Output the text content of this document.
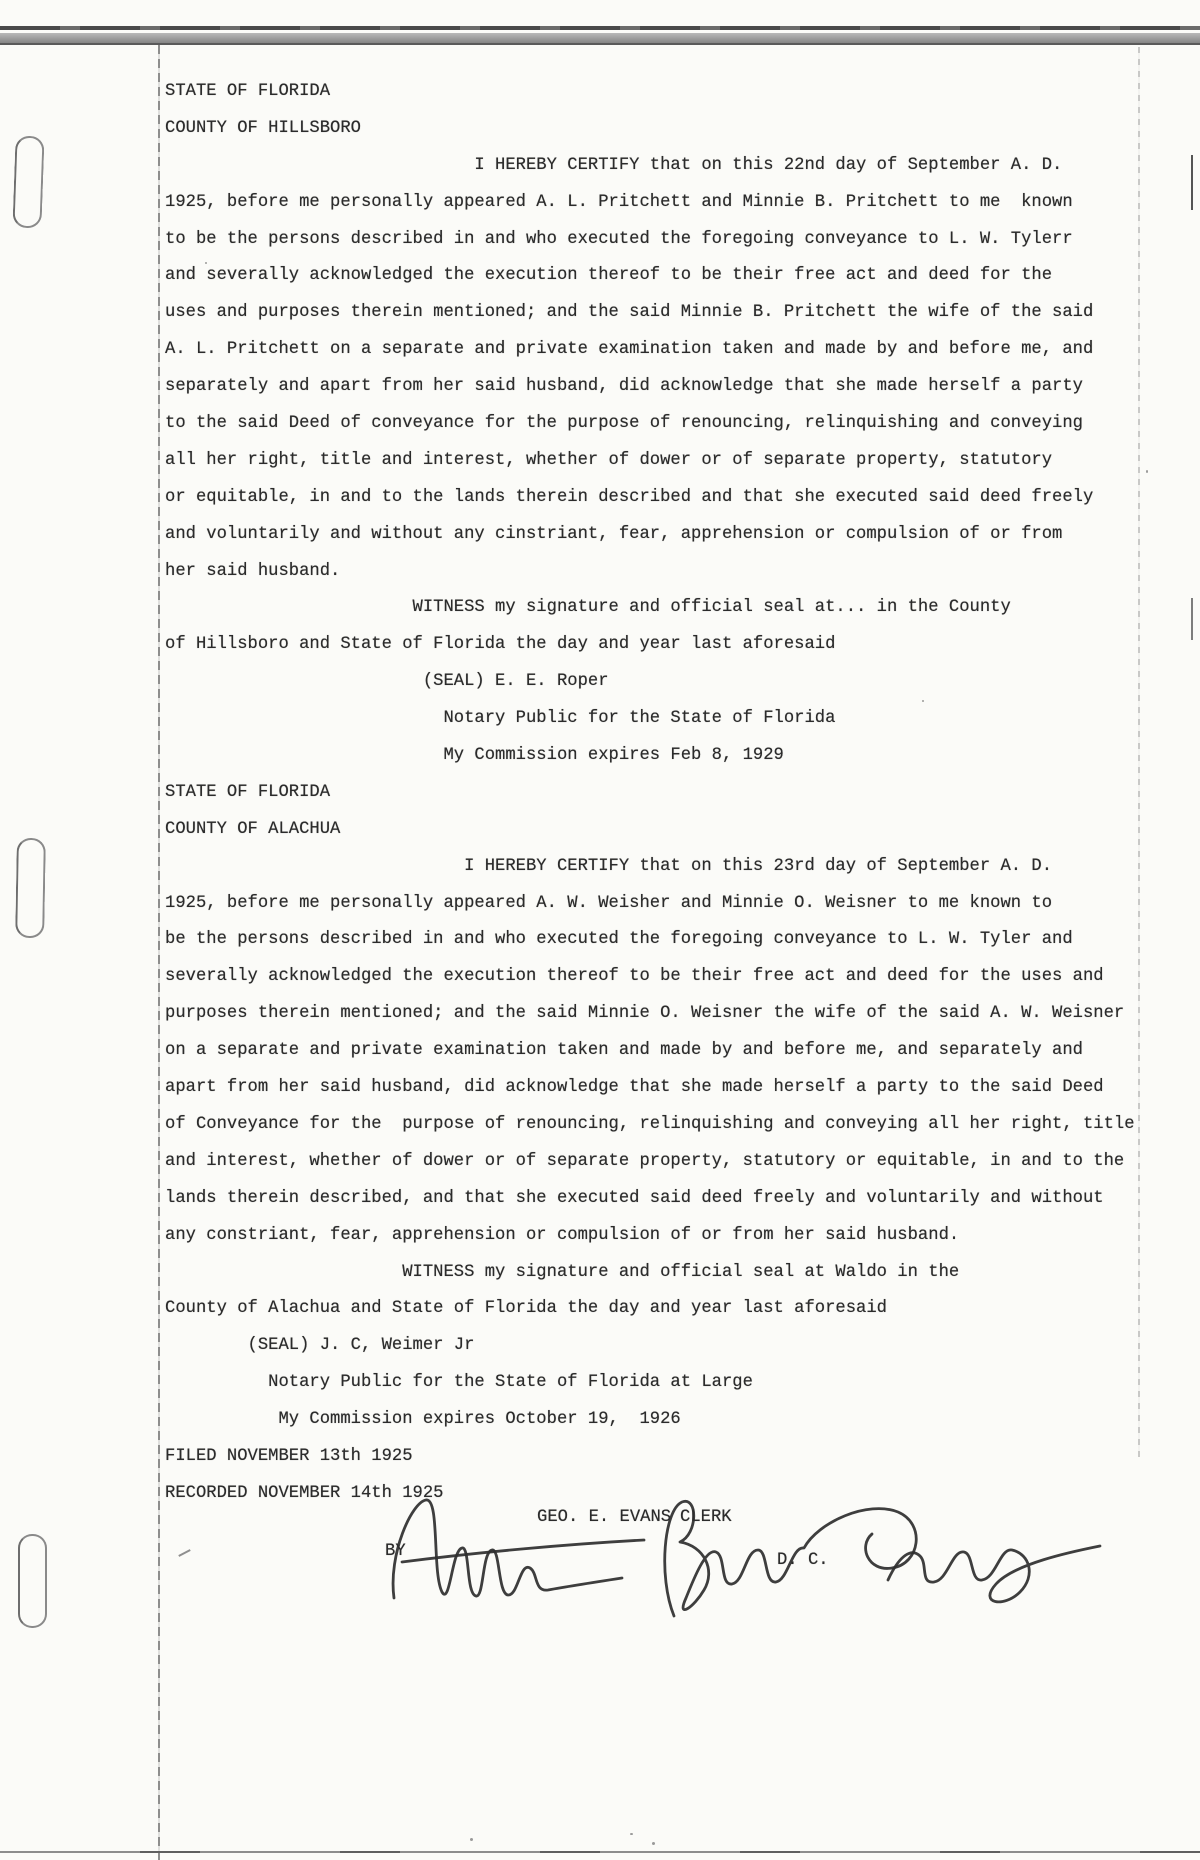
STATE OF FLORIDA
COUNTY OF HILLSBORO
I HEREBY CERTIFY that on this 22nd day of September A. D.
1925, before me personally appeared A. L. Pritchett and Minnie B. Pritchett to me  known
to be the persons described in and who executed the foregoing conveyance to L. W. Tylerr
and severally acknowledged the execution thereof to be their free act and deed for the
uses and purposes therein mentioned; and the said Minnie B. Pritchett the wife of the said
A. L. Pritchett on a separate and private examination taken and made by and before me, and
separately and apart from her said husband, did acknowledge that she made herself a party
to the said Deed of conveyance for the purpose of renouncing, relinquishing and conveying
all her right, title and interest, whether of dower or of separate property, statutory
or equitable, in and to the lands therein described and that she executed said deed freely
and voluntarily and without any cinstriant, fear, apprehension or compulsion of or from
her said husband.
WITNESS my signature and official seal at... in the County
of Hillsboro and State of Florida the day and year last aforesaid
(SEAL) E. E. Roper
Notary Public for the State of Florida
My Commission expires Feb 8, 1929
STATE OF FLORIDA
COUNTY OF ALACHUA
I HEREBY CERTIFY that on this 23rd day of September A. D.
1925, before me personally appeared A. W. Weisher and Minnie O. Weisner to me known to
be the persons described in and who executed the foregoing conveyance to L. W. Tyler and
severally acknowledged the execution thereof to be their free act and deed for the uses and
purposes therein mentioned; and the said Minnie O. Weisner the wife of the said A. W. Weisner
on a separate and private examination taken and made by and before me, and separately and
apart from her said husband, did acknowledge that she made herself a party to the said Deed
of Conveyance for the  purpose of renouncing, relinquishing and conveying all her right, title
and interest, whether of dower or of separate property, statutory or equitable, in and to the
lands therein described, and that she executed said deed freely and voluntarily and without
any constriant, fear, apprehension or compulsion of or from her said husband.
WITNESS my signature and official seal at Waldo in the
County of Alachua and State of Florida the day and year last aforesaid
(SEAL) J. C, Weimer Jr
Notary Public for the State of Florida at Large
My Commission expires October 19,  1926
FILED NOVEMBER 13th 1925
RECORDED NOVEMBER 14th 1925
BY
GEO. E. EVANS CLERK
D. C.
